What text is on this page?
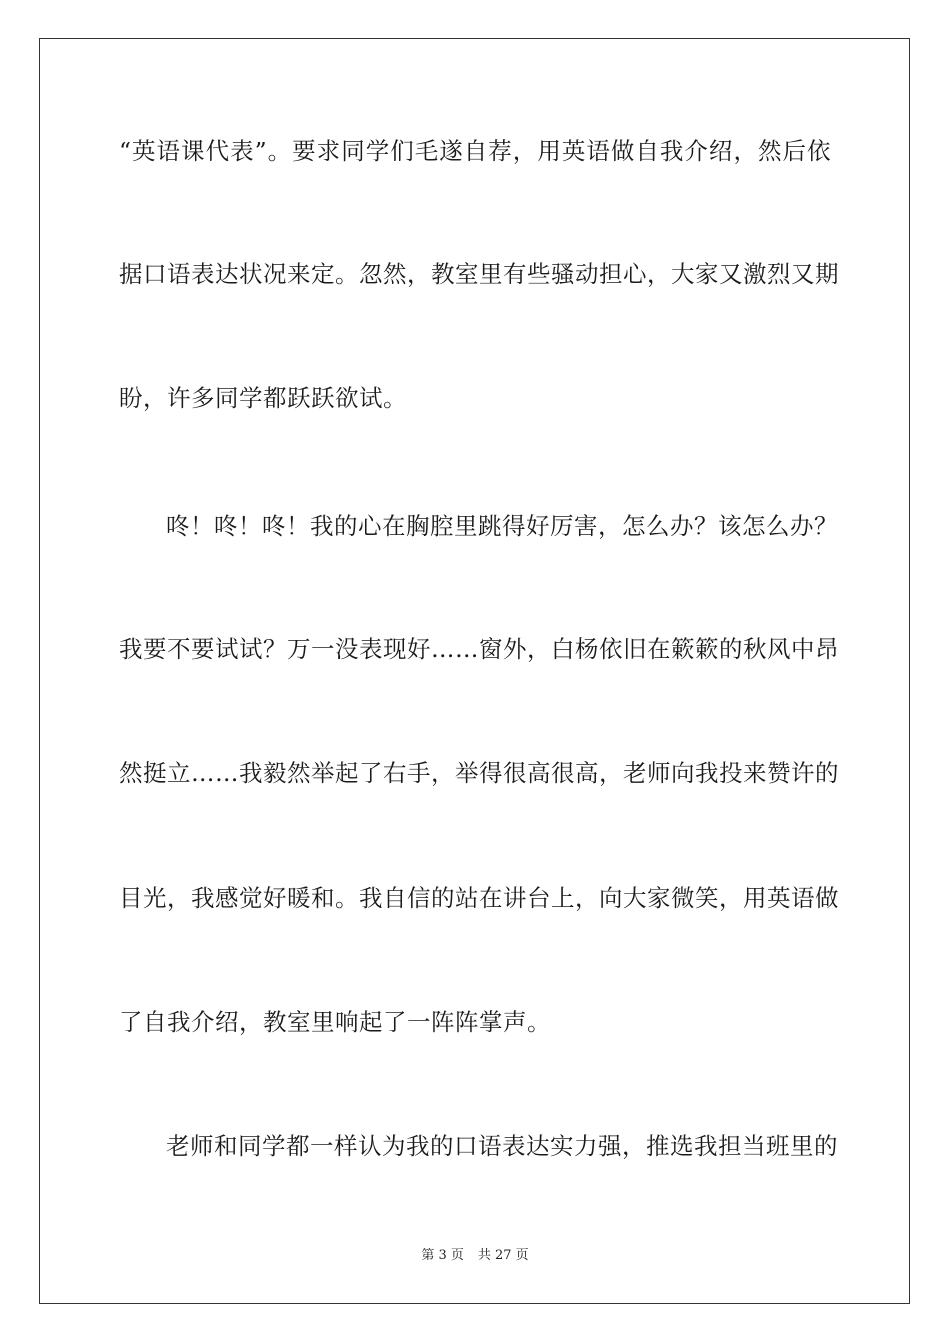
“英语课代表”。要求同学们毛遂自荐，用英语做自我介绍，然后依
据口语表达状况来定。忽然，教室里有些骚动担心，大家又激烈又期
盼，许多同学都跃跃欲试。
咚！咚！咚！我的心在胸腔里跳得好厉害，怎么办？该怎么办？
我要不要试试？万一没表现好……窗外，白杨依旧在簌簌的秋风中昂
然挺立……我毅然举起了右手，举得很高很高，老师向我投来赞许的
目光，我感觉好暖和。我自信的站在讲台上，向大家微笑，用英语做
了自我介绍，教室里响起了一阵阵掌声。
老师和同学都一样认为我的口语表达实力强，推选我担当班里的
第 3 页 共 27 页
